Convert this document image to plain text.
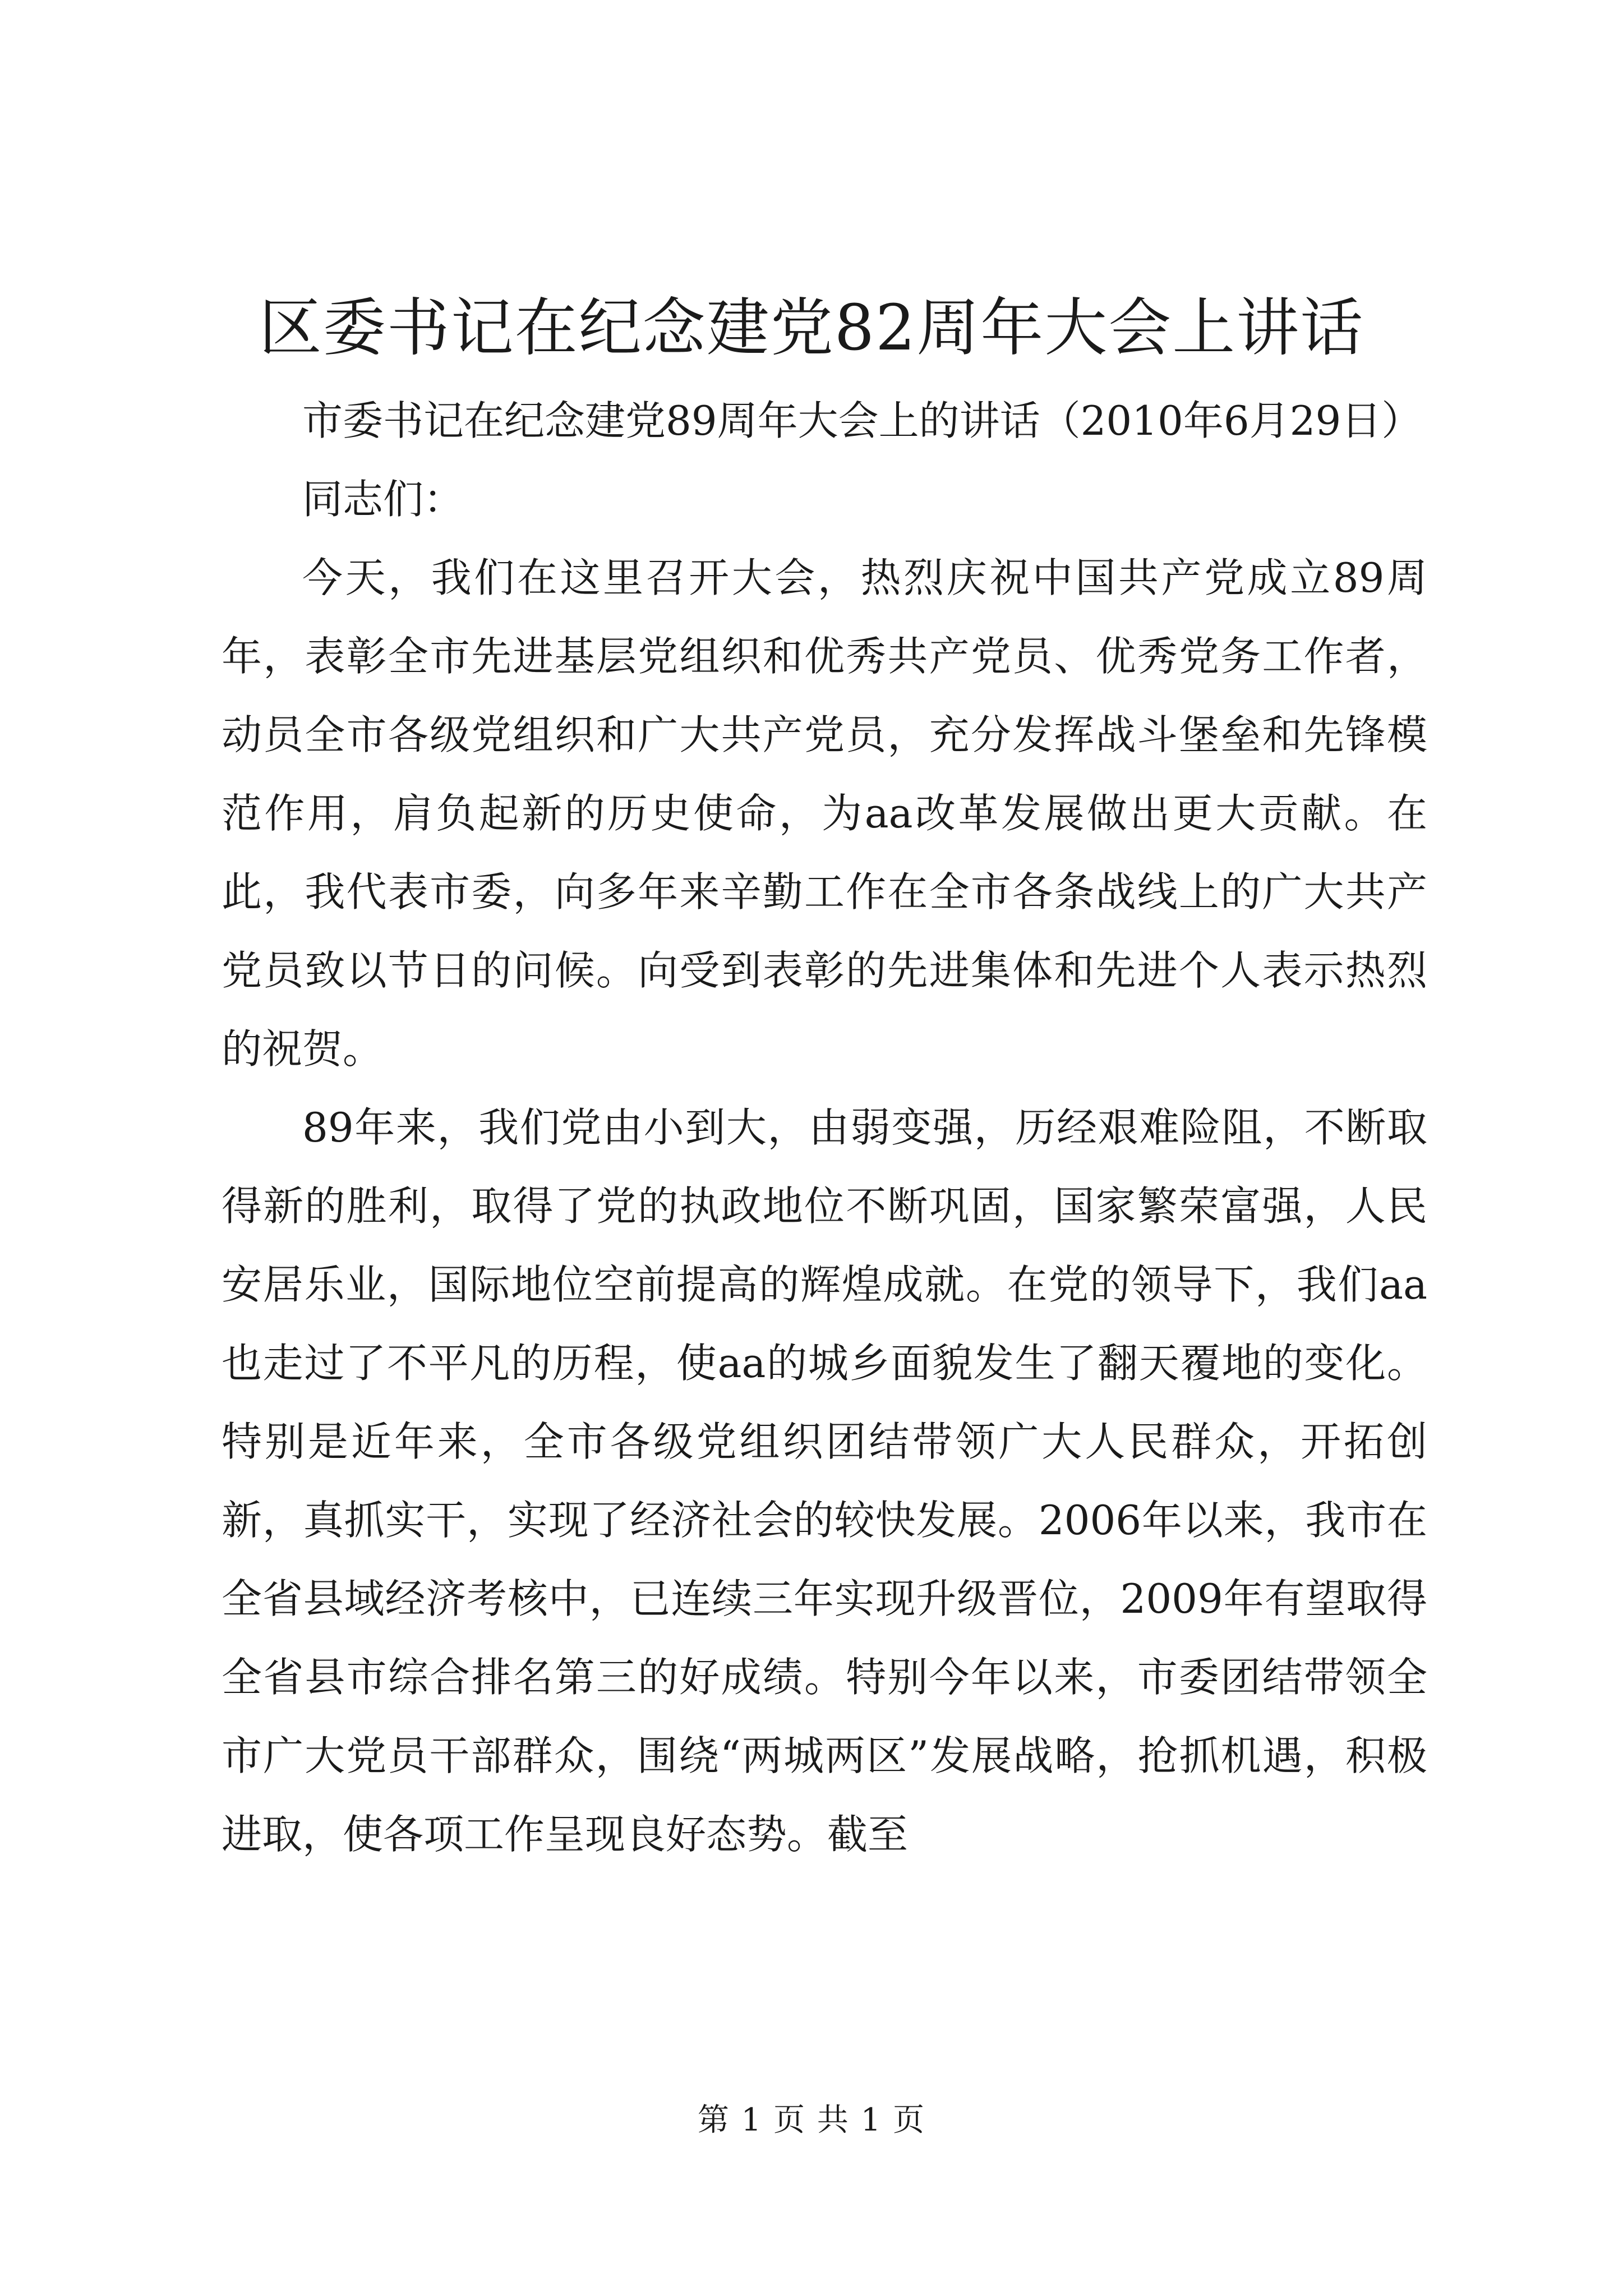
区委书记在纪念建党82周年大会上讲话

市委书记在纪念建党89周年大会上的讲话（2010年6月29日）

同志们：

今天，我们在这里召开大会，热烈庆祝中国共产党成立89周年，表彰全市先进基层党组织和优秀共产党员、优秀党务工作者，动员全市各级党组织和广大共产党员，充分发挥战斗堡垒和先锋模范作用，肩负起新的历史使命，为aa改革发展做出更大贡献。在此，我代表市委，向多年来辛勤工作在全市各条战线上的广大共产党员致以节日的问候。向受到表彰的先进集体和先进个人表示热烈的祝贺。

89年来，我们党由小到大，由弱变强，历经艰难险阻，不断取得新的胜利，取得了党的执政地位不断巩固，国家繁荣富强，人民安居乐业，国际地位空前提高的辉煌成就。在党的领导下，我们aa也走过了不平凡的历程，使aa的城乡面貌发生了翻天覆地的变化。特别是近年来，全市各级党组织团结带领广大人民群众，开拓创新，真抓实干，实现了经济社会的较快发展。2006年以来，我市在全省县域经济考核中，已连续三年实现升级晋位，2009年有望取得全省县市综合排名第三的好成绩。特别今年以来，市委团结带领全市广大党员干部群众，围绕“两城两区”发展战略，抢抓机遇，积极进取，使各项工作呈现良好态势。截至

第 1 页 共 1 页
